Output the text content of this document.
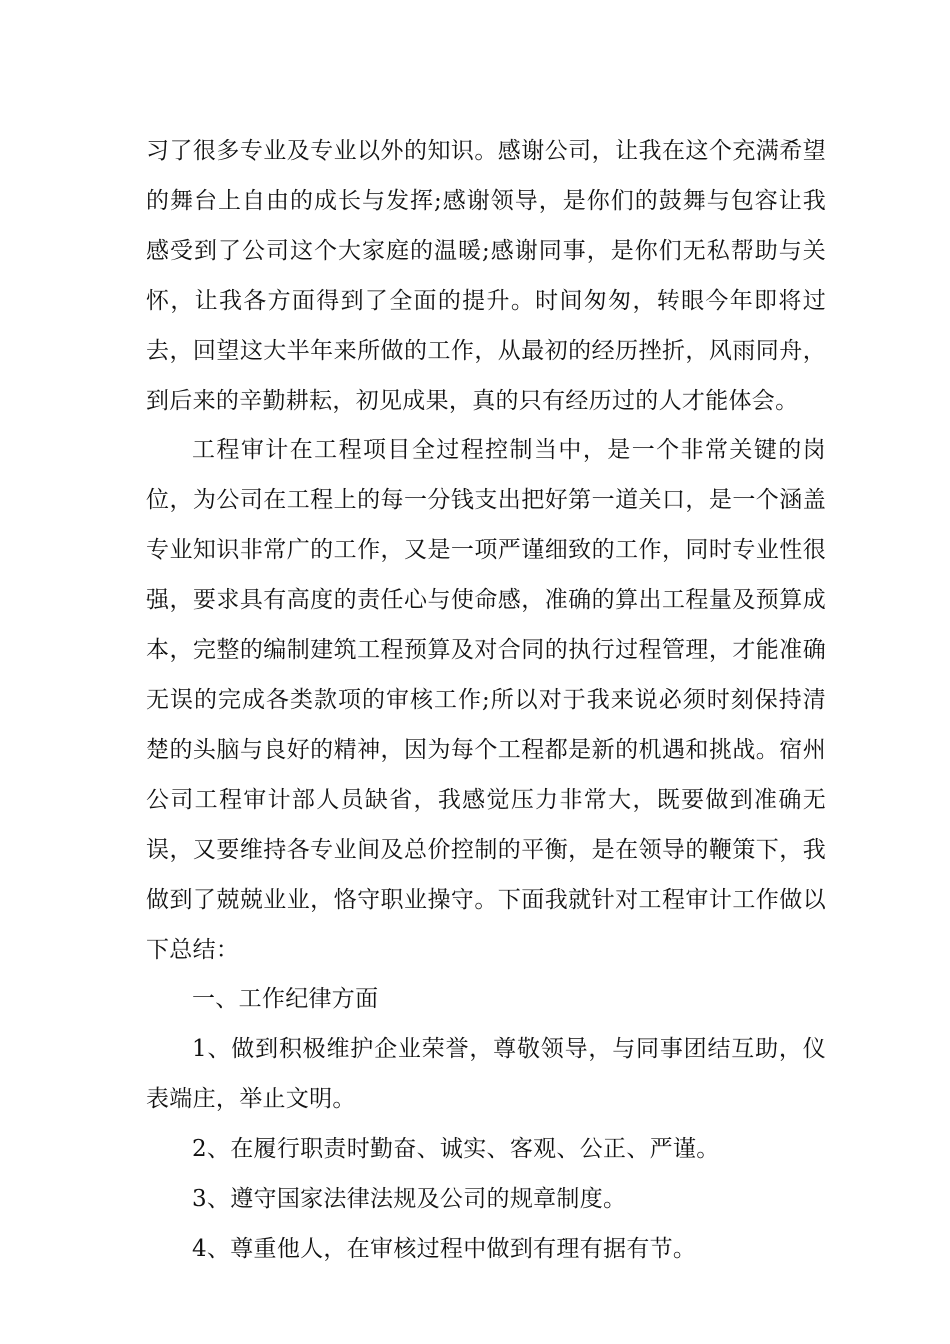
习了很多专业及专业以外的知识。感谢公司，让我在这个充满希望的舞台上自由的成长与发挥;感谢领导，是你们的鼓舞与包容让我感受到了公司这个大家庭的温暖;感谢同事，是你们无私帮助与关怀，让我各方面得到了全面的提升。时间匆匆，转眼今年即将过去，回望这大半年来所做的工作，从最初的经历挫折，风雨同舟，到后来的辛勤耕耘，初见成果，真的只有经历过的人才能体会。

工程审计在工程项目全过程控制当中，是一个非常关键的岗位，为公司在工程上的每一分钱支出把好第一道关口，是一个涵盖专业知识非常广的工作，又是一项严谨细致的工作，同时专业性很强，要求具有高度的责任心与使命感，准确的算出工程量及预算成本，完整的编制建筑工程预算及对合同的执行过程管理，才能准确无误的完成各类款项的审核工作;所以对于我来说必须时刻保持清楚的头脑与良好的精神，因为每个工程都是新的机遇和挑战。宿州公司工程审计部人员缺省，我感觉压力非常大，既要做到准确无误，又要维持各专业间及总价控制的平衡，是在领导的鞭策下，我做到了兢兢业业，恪守职业操守。下面我就针对工程审计工作做以下总结：

一、工作纪律方面

1、做到积极维护企业荣誉，尊敬领导，与同事团结互助，仪表端庄，举止文明。

2、在履行职责时勤奋、诚实、客观、公正、严谨。

3、遵守国家法律法规及公司的规章制度。

4、尊重他人，在审核过程中做到有理有据有节。
